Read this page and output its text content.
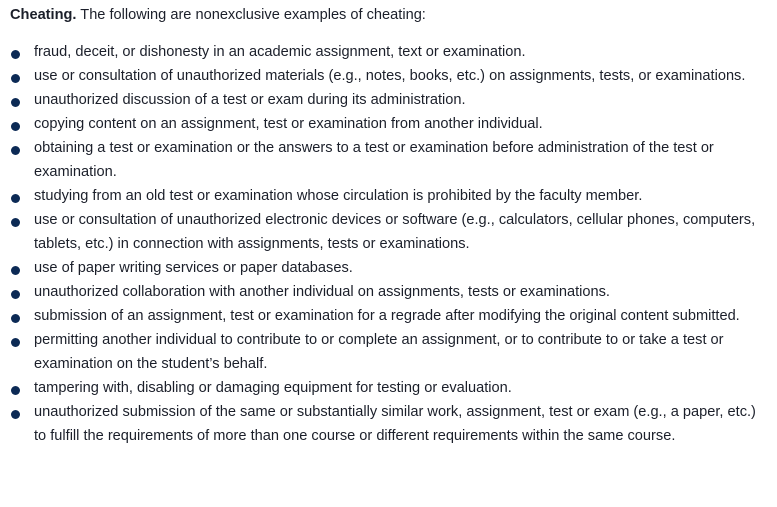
Cheating. The following are nonexclusive examples of cheating:

fraud, deceit, or dishonesty in an academic assignment, text or examination.
use or consultation of unauthorized materials (e.g., notes, books, etc.) on assignments, tests, or examinations.
unauthorized discussion of a test or exam during its administration.
copying content on an assignment, test or examination from another individual.
obtaining a test or examination or the answers to a test or examination before administration of the test or examination.
studying from an old test or examination whose circulation is prohibited by the faculty member.
use or consultation of unauthorized electronic devices or software (e.g., calculators, cellular phones, computers, tablets, etc.) in connection with assignments, tests or examinations.
use of paper writing services or paper databases.
unauthorized collaboration with another individual on assignments, tests or examinations.
submission of an assignment, test or examination for a regrade after modifying the original content submitted.
permitting another individual to contribute to or complete an assignment, or to contribute to or take a test or examination on the student’s behalf.
tampering with, disabling or damaging equipment for testing or evaluation.
unauthorized submission of the same or substantially similar work, assignment, test or exam (e.g., a paper, etc.) to fulfill the requirements of more than one course or different requirements within the same course.
